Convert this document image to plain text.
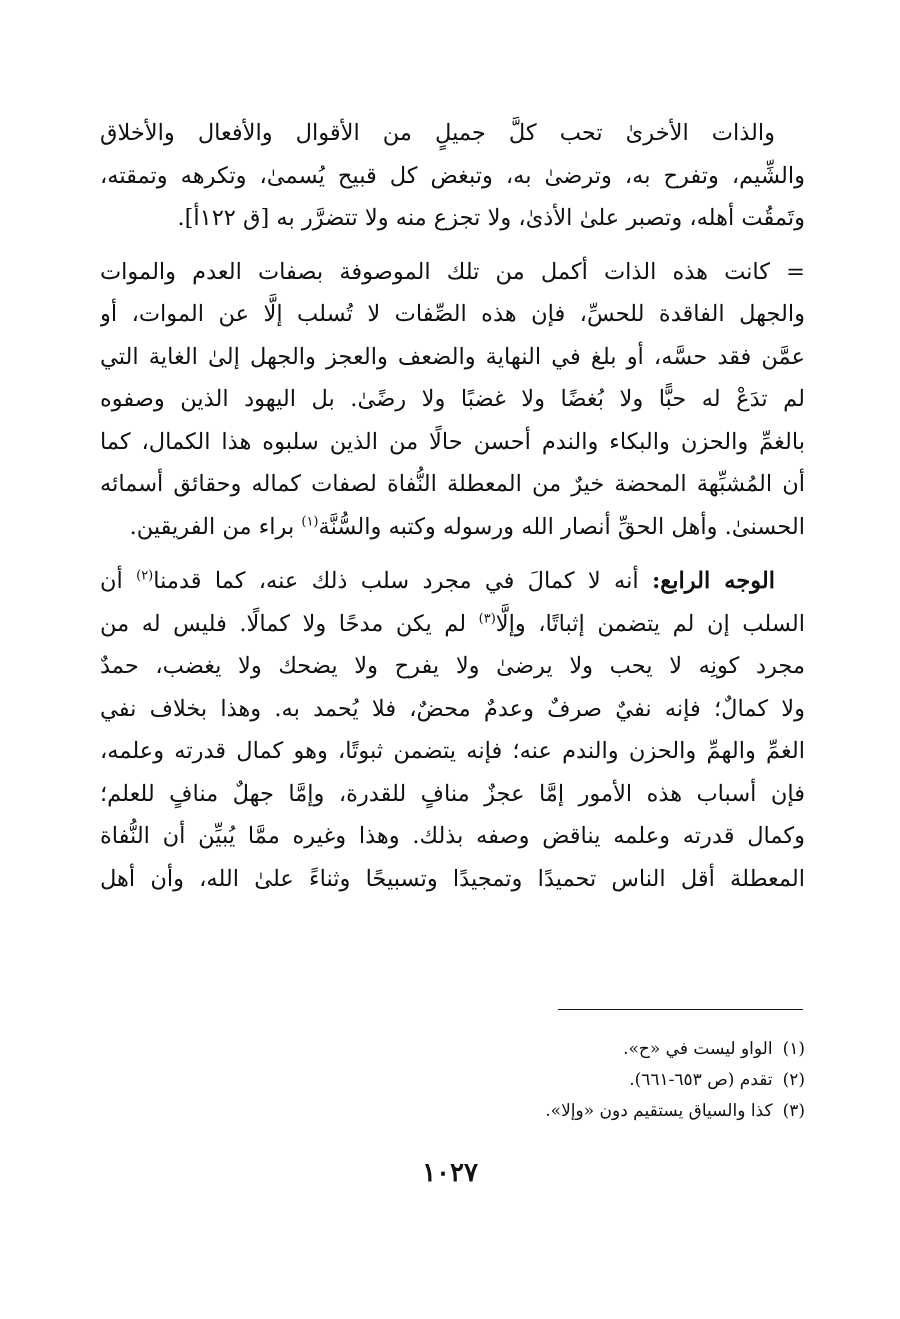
والذات الأخرىٰ تحب كلَّ جميلٍ من الأقوال والأفعال والأخلاق
والشِّيم، وتفرح به، وترضىٰ به، وتبغض كل قبيح يُسمىٰ، وتكرهه وتمقته،
وتَمقُت أهله، وتصبر علىٰ الأذىٰ، ولا تجزع منه ولا تتضرَّر به [ق ١٢٢أ].
= كانت هذه الذات أكمل من تلك الموصوفة بصفات العدم والموات
والجهل الفاقدة للحسِّ، فإن هذه الصِّفات لا تُسلب إلَّا عن الموات، أو
عمَّن فقد حسَّه، أو بلغ في النهاية والضعف والعجز والجهل إلىٰ الغاية التي
لم تدَعْ له حبًّا ولا بُغضًا ولا غضبًا ولا رضًىٰ. بل اليهود الذين وصفوه
بالغمِّ والحزن والبكاء والندم أحسن حالًا من الذين سلبوه هذا الكمال، كما
أن المُشبِّهة المحضة خيرٌ من المعطلة النُّفاة لصفات كماله وحقائق أسمائه
الحسنىٰ. وأهل الحقِّ أنصار الله ورسوله وكتبه والسُّنَّة$^{(١)}$ براء من الفريقين.
الوجه الرابع: أنه لا كمالَ في مجرد سلب ذلك عنه، كما قدمنا$^{(٢)}$ أن
السلب إن لم يتضمن إثباتًا، وإلَّا$^{(٣)}$ لم يكن مدحًا ولا كمالًا. فليس له من
مجرد كونِه لا يحب ولا يرضىٰ ولا يفرح ولا يضحك ولا يغضب، حمدٌ
ولا كمالٌ؛ فإنه نفيٌ صرفٌ وعدمٌ محضٌ، فلا يُحمد به. وهذا بخلاف نفي
الغمِّ والهمِّ والحزن والندم عنه؛ فإنه يتضمن ثبوتًا، وهو كمال قدرته وعلمه،
فإن أسباب هذه الأمور إمَّا عجزٌ منافٍ للقدرة، وإمَّا جهلٌ منافٍ للعلم؛
وكمال قدرته وعلمه يناقض وصفه بذلك. وهذا وغيره ممَّا يُبيِّن أن النُّفاة
المعطلة أقل الناس تحميدًا وتمجيدًا وتسبيحًا وثناءً علىٰ الله، وأن أهل
(١)الواو ليست في «ح».
(٢)تقدم (ص ٦٥٣-٦٦١).
(٣)كذا والسياق يستقيم دون «وإلا».
١٠٢٧
